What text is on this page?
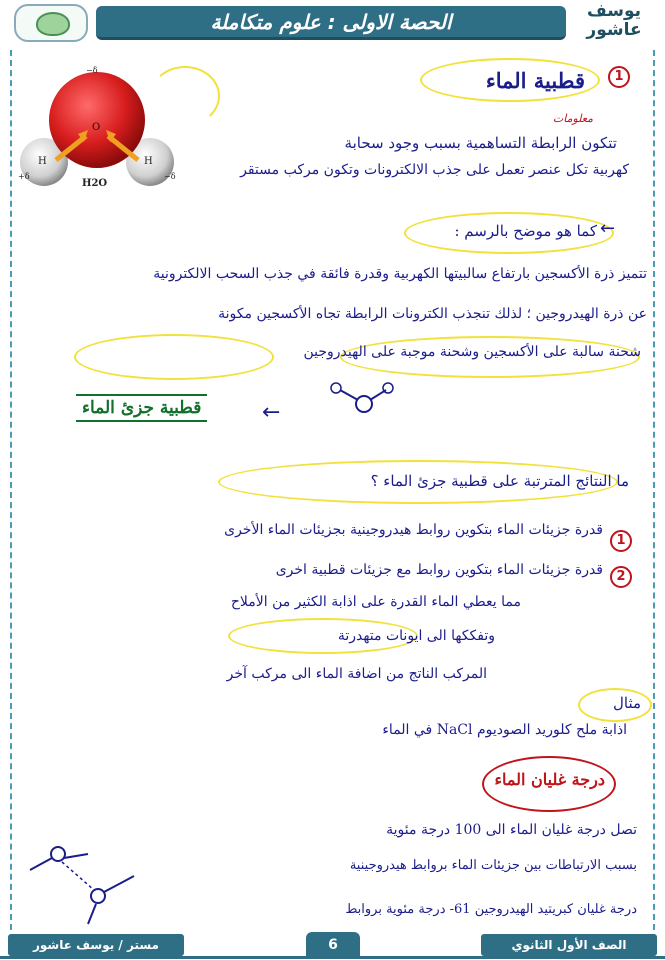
الحصة الاولى : علوم متكاملة	يوسف
عاشور
δ−
O
H	H
δ+	δ−
H2O
1
قطبية الماء
معلومات
تتكون الرابطة التساهمية بسبب وجود سحابة
كهربية تكل عنصر تعمل على جذب الالكترونات وتكون مركب مستقر
←
كما هو موضح بالرسم :
تتميز ذرة الأكسجين بارتفاع سالبيتها الكهربية وقدرة فائقة في جذب السحب الالكترونية
عن ذرة الهيدروجين ؛ لذلك تنجذب الكترونات الرابطة تجاه الأكسجين مكونة
شحنة سالبة على الأكسجين وشحنة موجبة على الهيدروجين
قطبية جزئ الماء	←
ما النتائج المترتبة على قطبية جزئ الماء ؟
1
قدرة جزيئات الماء بتكوين روابط هيدروجينية بجزيئات الماء الأخرى
2
قدرة جزيئات الماء بتكوين روابط مع جزيئات قطبية اخرى
مما يعطي الماء القدرة على اذابة الكثير من الأملاح
وتفككها الى ايونات متهدرتة
المركب الناتج من اضافة الماء الى مركب آخر
مثال
اذابة ملح كلوريد الصوديوم NaCl في الماء
درجة غليان الماء
تصل درجة غليان الماء الى 100 درجة مئوية
بسبب الارتباطات بين جزيئات الماء بروابط هيدروجينية
درجة غليان كبريتيد الهيدروجين 61- درجة مئوية بروابط
مستر / يوسف عاشور	6	الصف الأول الثانوي
